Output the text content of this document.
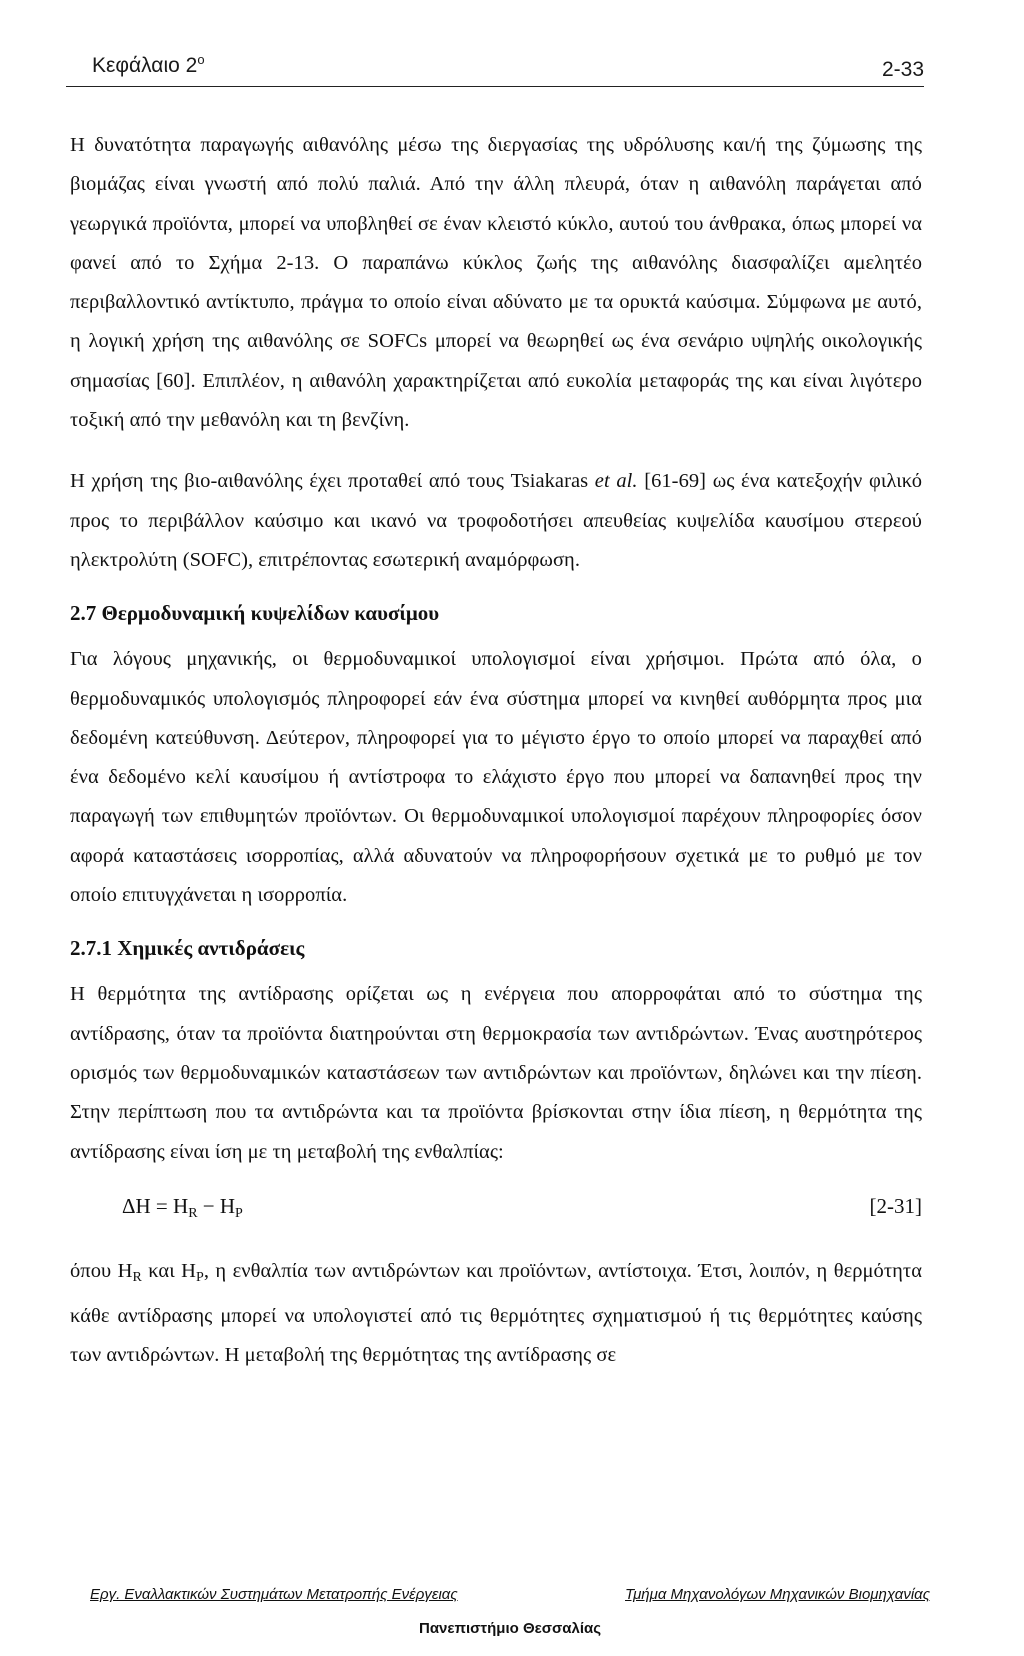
Κεφάλαιο $2^o$	2-33

Η δυνατότητα παραγωγής αιθανόλης μέσω της διεργασίας της υδρόλυσης και/ή της ζύμωσης της βιομάζας είναι γνωστή από πολύ παλιά. Από την άλλη πλευρά, όταν η αιθανόλη παράγεται από γεωργικά προϊόντα, μπορεί να υποβληθεί σε έναν κλειστό κύκλο, αυτού του άνθρακα, όπως μπορεί να φανεί από το Σχήμα 2-13. Ο παραπάνω κύκλος ζωής της αιθανόλης διασφαλίζει αμελητέο περιβαλλοντικό αντίκτυπο, πράγμα το οποίο είναι αδύνατο με τα ορυκτά καύσιμα. Σύμφωνα με αυτό, η λογική χρήση της αιθανόλης σε SOFCs μπορεί να θεωρηθεί ως ένα σενάριο υψηλής οικολογικής σημασίας [60]. Επιπλέον, η αιθανόλη χαρακτηρίζεται από ευκολία μεταφοράς της και είναι λιγότερο τοξική από την μεθανόλη και τη βενζίνη.

Η χρήση της βιο-αιθανόλης έχει προταθεί από τους Tsiakaras et al. [61-69] ως ένα κατεξοχήν φιλικό προς το περιβάλλον καύσιμο και ικανό να τροφοδοτήσει απευθείας κυψελίδα καυσίμου στερεού ηλεκτρολύτη (SOFC), επιτρέποντας εσωτερική αναμόρφωση.

2.7 Θερμοδυναμική κυψελίδων καυσίμου

Για λόγους μηχανικής, οι θερμοδυναμικοί υπολογισμοί είναι χρήσιμοι. Πρώτα από όλα, ο θερμοδυναμικός υπολογισμός πληροφορεί εάν ένα σύστημα μπορεί να κινηθεί αυθόρμητα προς μια δεδομένη κατεύθυνση. Δεύτερον, πληροφορεί για το μέγιστο έργο το οποίο μπορεί να παραχθεί από ένα δεδομένο κελί καυσίμου ή αντίστροφα το ελάχιστο έργο που μπορεί να δαπανηθεί προς την παραγωγή των επιθυμητών προϊόντων. Οι θερμοδυναμικοί υπολογισμοί παρέχουν πληροφορίες όσον αφορά καταστάσεις ισορροπίας, αλλά αδυνατούν να πληροφορήσουν σχετικά με το ρυθμό με τον οποίο επιτυγχάνεται η ισορροπία.

2.7.1 Χημικές αντιδράσεις

Η θερμότητα της αντίδρασης ορίζεται ως η ενέργεια που απορροφάται από το σύστημα της αντίδρασης, όταν τα προϊόντα διατηρούνται στη θερμοκρασία των αντιδρώντων. Ένας αυστηρότερος ορισμός των θερμοδυναμικών καταστάσεων των αντιδρώντων και προϊόντων, δηλώνει και την πίεση. Στην περίπτωση που τα αντιδρώντα και τα προϊόντα βρίσκονται στην ίδια πίεση, η θερμότητα της αντίδρασης είναι ίση με τη μεταβολή της ενθαλπίας:

$\Delta H = H_R - H_P$	[2-31]

όπου $H_R$ και $H_P$, η ενθαλπία των αντιδρώντων και προϊόντων, αντίστοιχα. Έτσι, λοιπόν, η θερμότητα κάθε αντίδρασης μπορεί να υπολογιστεί από τις θερμότητες σχηματισμού ή τις θερμότητες καύσης των αντιδρώντων. Η μεταβολή της θερμότητας της αντίδρασης σε

Εργ. Εναλλακτικών Συστημάτων Μετατροπής Ενέργειας	Τμήμα Μηχανολόγων Μηχανικών Βιομηχανίας
Πανεπιστήμιο Θεσσαλίας
